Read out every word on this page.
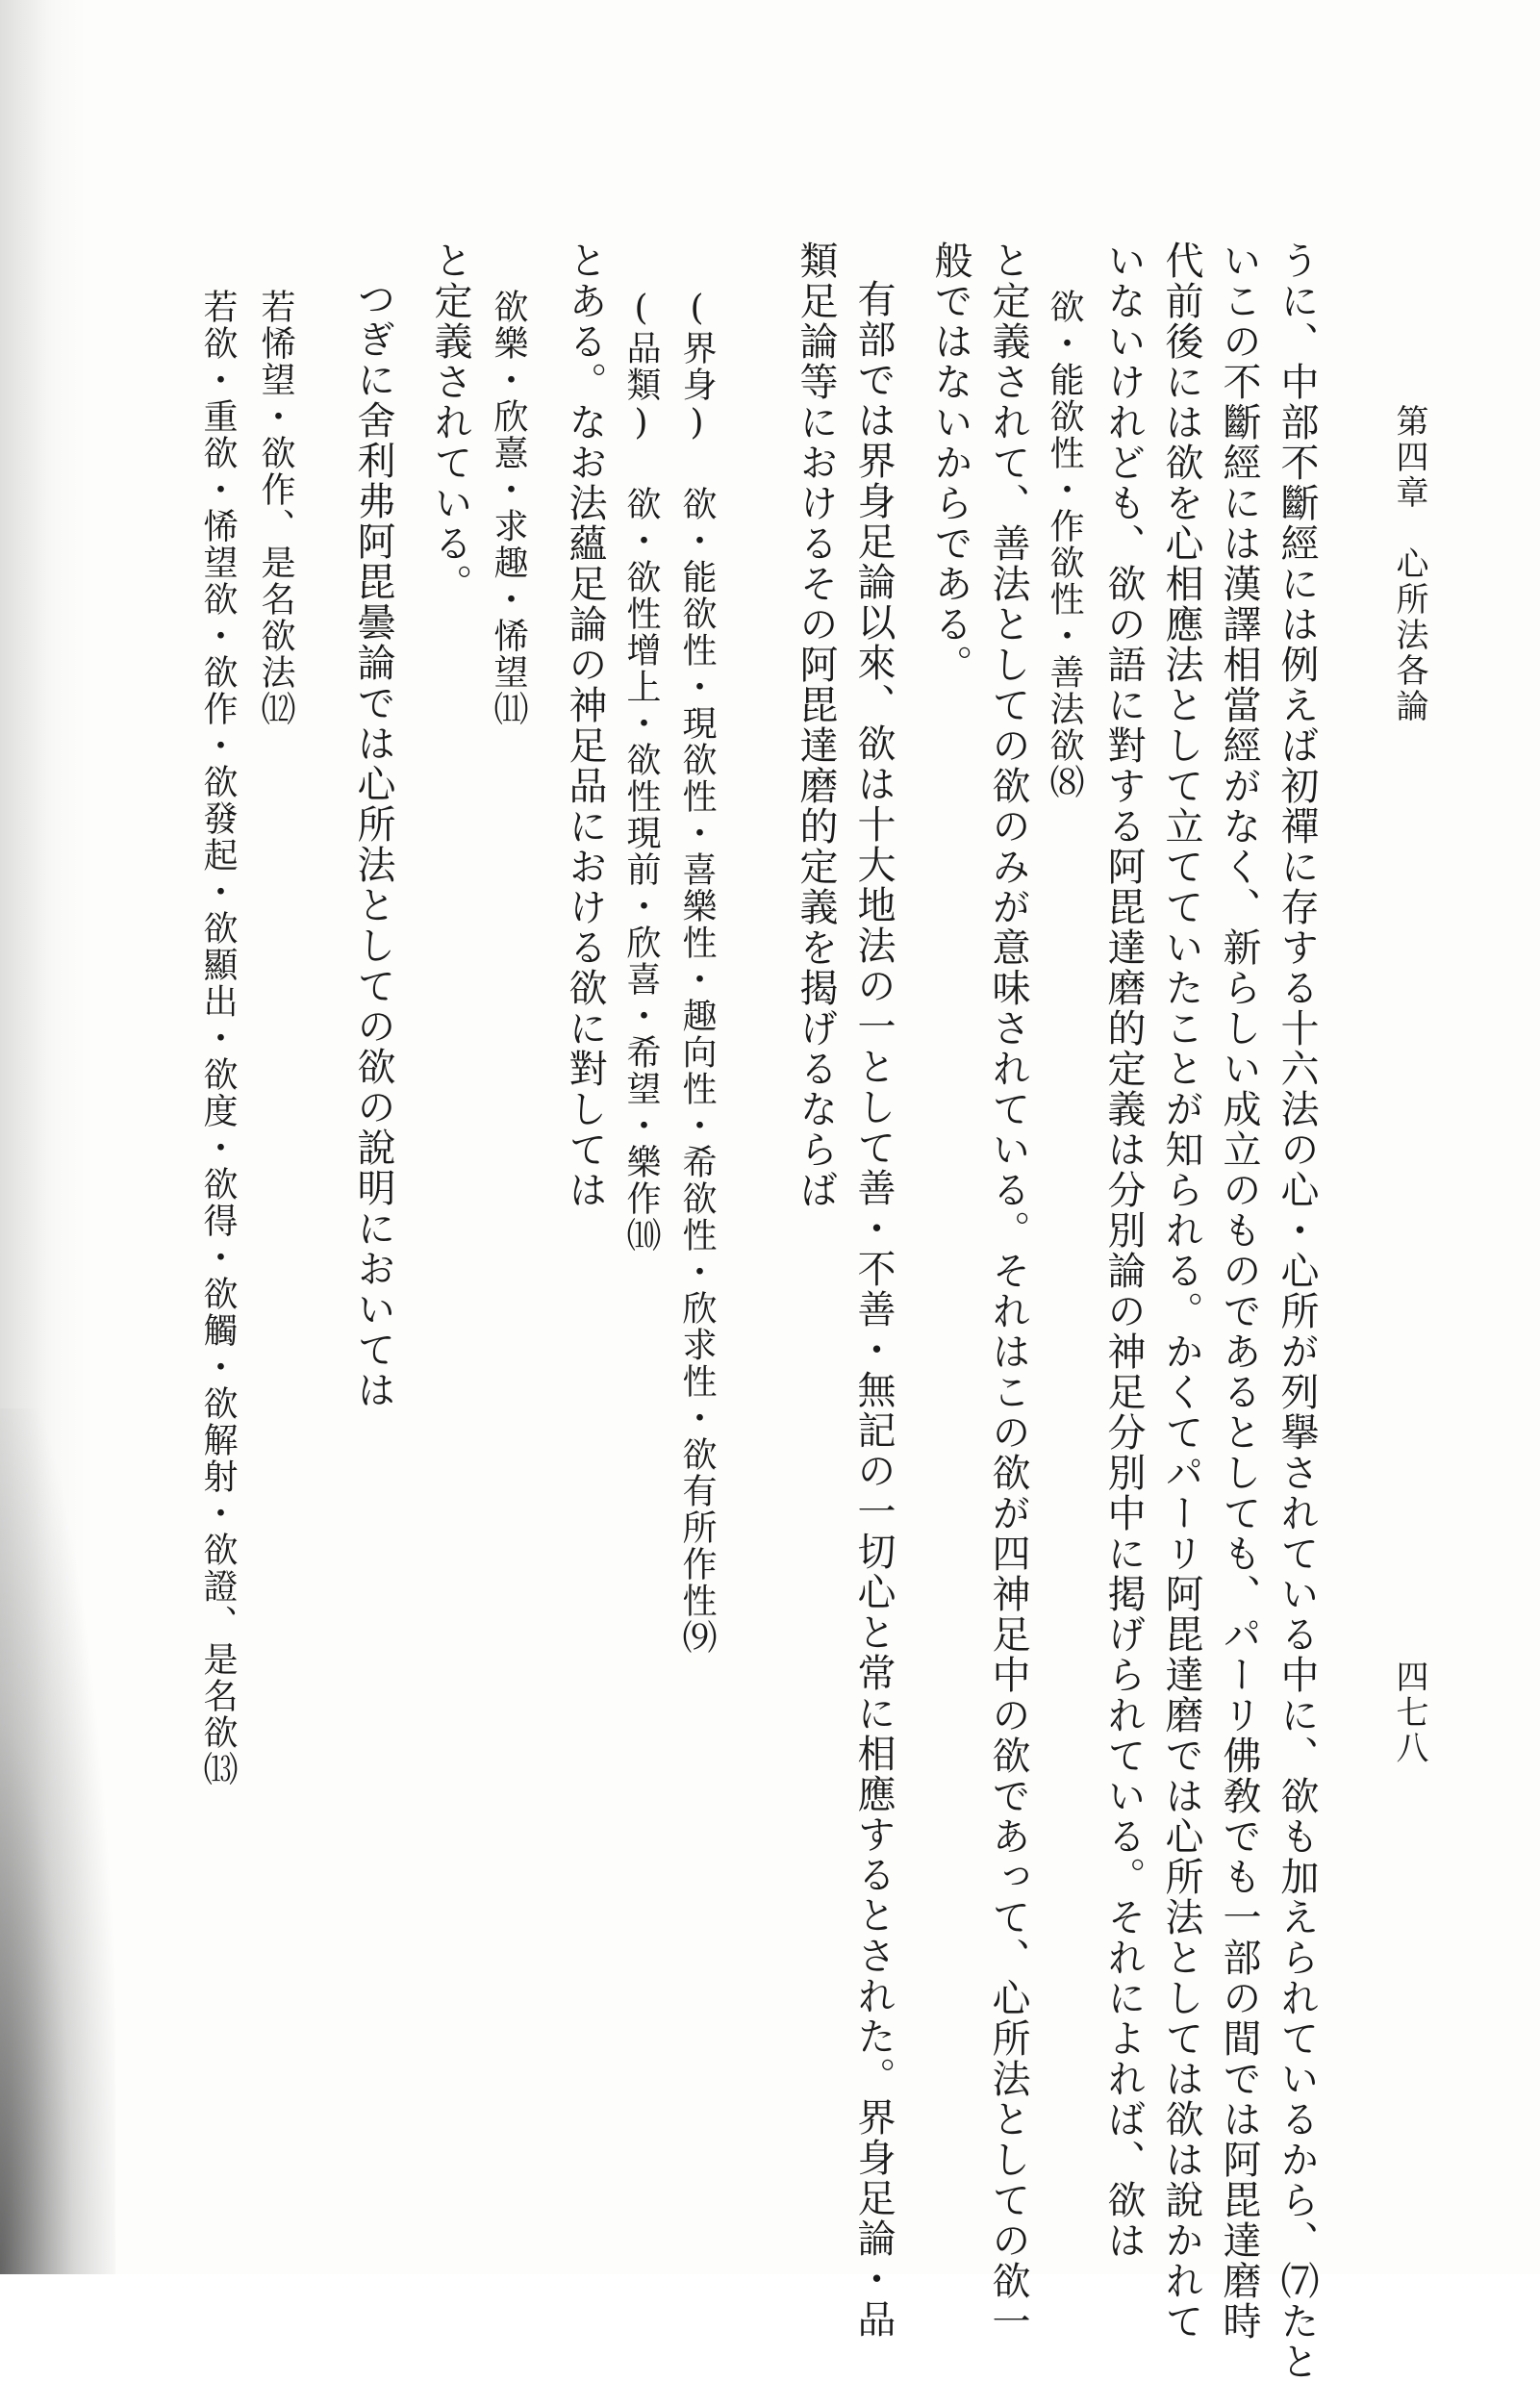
第四章　心所法各論
四七八
うに、中部不斷經には例えば初禪に存する十六法の心・心所が列擧されている中に、欲も加えられているから、⑺たと
いこの不斷經には漢譯相當經がなく、新らしい成立のものであるとしても、パーリ佛敎でも一部の間では阿毘達磨時
代前後には欲を心相應法として立てていたことが知られる。かくてパーリ阿毘達磨では心所法としては欲は說かれて
いないけれども、欲の語に對する阿毘達磨的定義は分別論の神足分別中に掲げられている。それによれば、欲は
欲・能欲性・作欲性・善法欲⑻
と定義されて、善法としての欲のみが意味されている。それはこの欲が四神足中の欲であって、心所法としての欲一
般ではないからである。
有部では界身足論以來、欲は十大地法の一として善・不善・無記の一切心と常に相應するとされた。界身足論・品
類足論等におけるその阿毘達磨的定義を揭げるならば
(界身) 欲・能欲性・現欲性・喜樂性・趣向性・希欲性・欣求性・欲有所作性⑼
(品類) 欲・欲性增上・欲性現前・欣喜・希望・樂作⑽
とある。なお法蘊足論の神足品における欲に對しては
欲樂・欣憙・求趣・悕望⑾
と定義されている。
つぎに舍利弗阿毘曇論では心所法としての欲の說明においては
若悕望・欲作、是名欲法⑿
若欲・重欲・悕望欲・欲作・欲發起・欲顯出・欲度・欲得・欲觸・欲解射・欲證、是名欲⒀
